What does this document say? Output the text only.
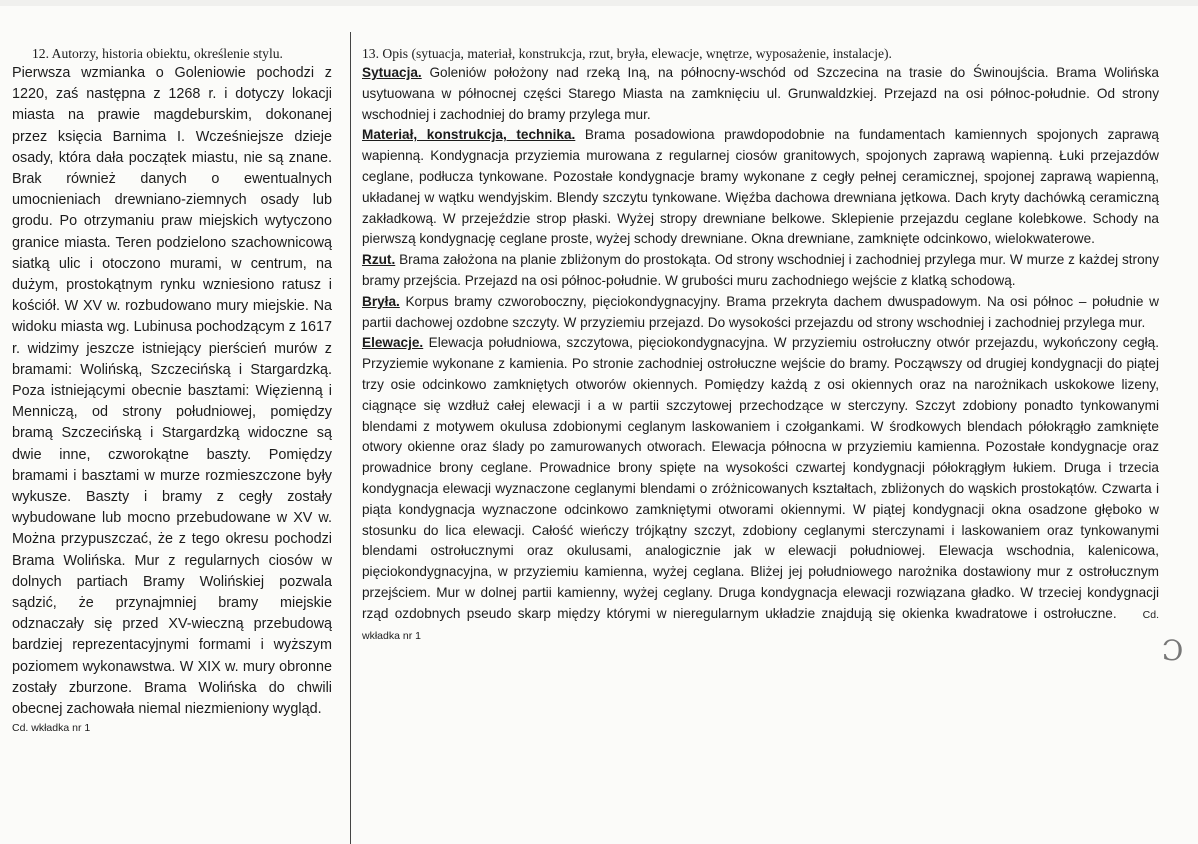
12. Autorzy, historia obiektu, określenie stylu.

Pierwsza wzmianka o Goleniowie pochodzi z 1220, zaś następna z 1268 r. i dotyczy lokacji miasta na prawie magdeburskim, dokonanej przez księcia Barnima I. Wcześniejsze dzieje osady, która dała początek miastu, nie są znane. Brak również danych o ewentualnych umocnieniach drewniano-ziemnych osady lub grodu. Po otrzymaniu praw miejskich wytyczono granice miasta. Teren podzielono szachownicową siatką ulic i otoczono murami, w centrum, na dużym, prostokątnym rynku wzniesiono ratusz i kościół. W XV w. rozbudowano mury miejskie. Na widoku miasta wg. Lubinusa pochodzącym z 1617 r. widzimy jeszcze istniejący pierścień murów z bramami: Wolińską, Szczecińską i Stargardzką. Poza istniejącymi obecnie basztami: Więzienną i Menniczą, od strony południowej, pomiędzy bramą Szczecińską i Stargardzką widoczne są dwie inne, czworokątne baszty. Pomiędzy bramami i basztami w murze rozmieszczone były wykusze. Baszty i bramy z cegły zostały wybudowane lub mocno przebudowane w XV w. Można przypuszczać, że z tego okresu pochodzi Brama Wolińska. Mur z regularnych ciosów w dolnych partiach Bramy Wolińskiej pozwala sądzić, że przynajmniej bramy miejskie odznaczały się przed XV-wieczną przebudową bardziej reprezentacyjnymi formami i wyższym poziomem wykonawstwa. W XIX w. mury obronne zostały zburzone. Brama Wolińska do chwili obecnej zachowała niemal niezmieniony wygląd.
Cd. wkładka nr 1

13. Opis (sytuacja, materiał, konstrukcja, rzut, bryła, elewacje, wnętrze, wyposażenie, instalacje).

Sytuacja. Goleniów położony nad rzeką Iną, na północny-wschód od Szczecina na trasie do Świnoujścia. Brama Wolińska usytuowana w północnej części Starego Miasta na zamknięciu ul. Grunwaldzkiej. Przejazd na osi północ-południe. Od strony wschodniej i zachodniej do bramy przylega mur.

Materiał, konstrukcja, technika. Brama posadowiona prawdopodobnie na fundamentach kamiennych spojonych zaprawą wapienną. Kondygnacja przyziemia murowana z regularnej ciosów granitowych, spojonych zaprawą wapienną. Łuki przejazdów ceglane, podłucza tynkowane. Pozostałe kondygnacje bramy wykonane z cegły pełnej ceramicznej, spojonej zaprawą wapienną, układanej w wątku wendyjskim. Blendy szczytu tynkowane. Więźba dachowa drewniana jętkowa. Dach kryty dachówką ceramiczną zakładkową. W przejeździe strop płaski. Wyżej stropy drewniane belkowe. Sklepienie przejazdu ceglane kolebkowe. Schody na pierwszą kondygnację ceglane proste, wyżej schody drewniane. Okna drewniane, zamknięte odcinkowo, wielokwaterowe.

Rzut. Brama założona na planie zbliżonym do prostokąta. Od strony wschodniej i zachodniej przylega mur. W murze z każdej strony bramy przejścia. Przejazd na osi północ-południe. W grubości muru zachodniego wejście z klatką schodową.

Bryła. Korpus bramy czworoboczny, pięciokondygnacyjny. Brama przekryta dachem dwuspadowym. Na osi północ – południe w partii dachowej ozdobne szczyty. W przyziemiu przejazd. Do wysokości przejazdu od strony wschodniej i zachodniej przylega mur.

Elewacje. Elewacja południowa, szczytowa, pięciokondygnacyjna. W przyziemiu ostrołuczny otwór przejazdu, wykończony cegłą. Przyziemie wykonane z kamienia. Po stronie zachodniej ostrołuczne wejście do bramy. Począwszy od drugiej kondygnacji do piątej trzy osie odcinkowo zamkniętych otworów okiennych. Pomiędzy każdą z osi okiennych oraz na narożnikach uskokowe lizeny, ciągnące się wzdłuż całej elewacji i a w partii szczytowej przechodzące w sterczyny. Szczyt zdobiony ponadto tynkowanymi blendami z motywem okulusa zdobionymi ceglanym laskowaniem i czołgankami. W środkowych blendach półokrągło zamknięte otwory okienne oraz ślady po zamurowanych otworach. Elewacja północna w przyziemiu kamienna. Pozostałe kondygnacje oraz prowadnice brony ceglane. Prowadnice brony spięte na wysokości czwartej kondygnacji półokrągłym łukiem. Druga i trzecia kondygnacja elewacji wyznaczone ceglanymi blendami o zróżnicowanych kształtach, zbliżonych do wąskich prostokątów. Czwarta i piąta kondygnacja wyznaczone odcinkowo zamkniętymi otworami okiennymi. W piątej kondygnacji okna osadzone głęboko w stosunku do lica elewacji. Całość wieńczy trójkątny szczyt, zdobiony ceglanymi sterczynami i laskowaniem oraz tynkowanymi blendami ostrołucznymi oraz okulusami, analogicznie jak w elewacji południowej. Elewacja wschodnia, kalenicowa, pięciokondygnacyjna, w przyziemiu kamienna, wyżej ceglana. Bliżej jej południowego narożnika dostawiony mur z ostrołucznym przejściem. Mur w dolnej partii kamienny, wyżej ceglany. Druga kondygnacja elewacji rozwiązana gładko. W trzeciej kondygnacji rząd ozdobnych pseudo skarp między którymi w nieregularnym układzie znajdują się okienka kwadratowe i ostrołuczne. Cd. wkładka nr 1	Ɔ
